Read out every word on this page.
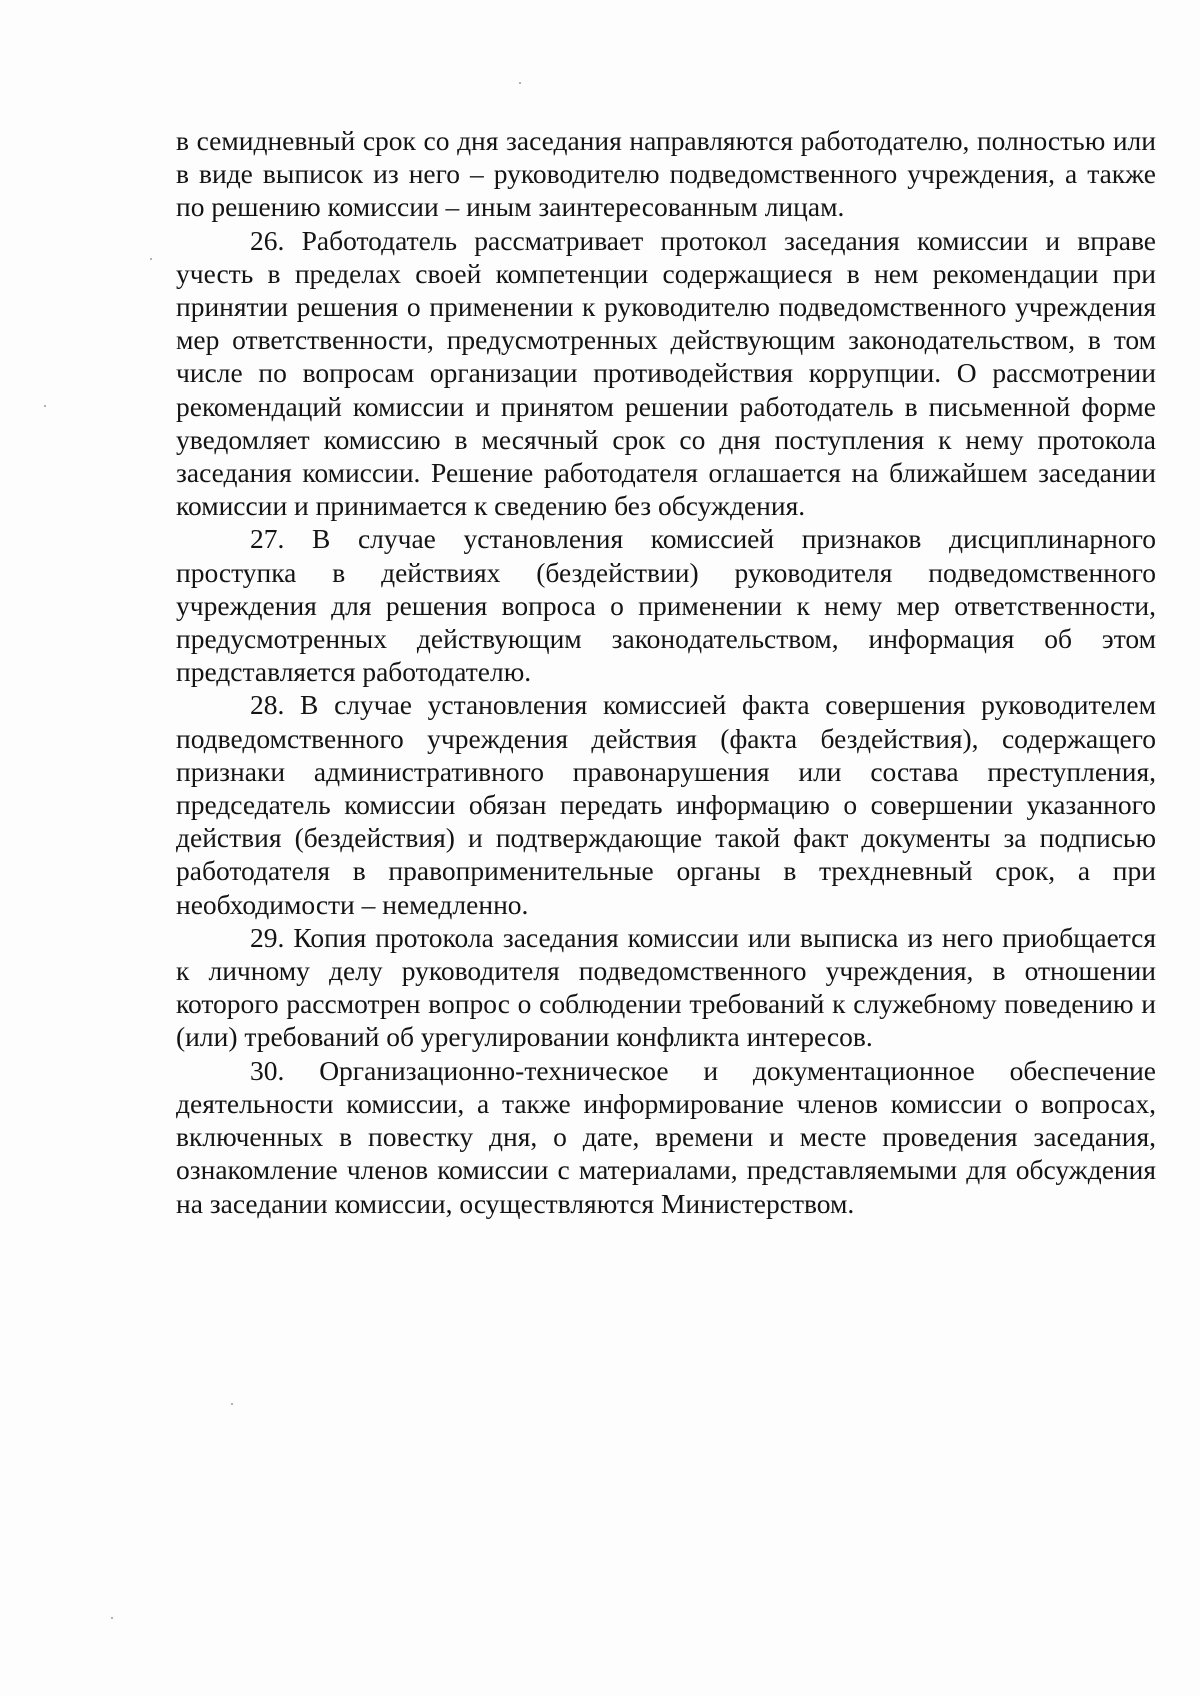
в семидневный срок со дня заседания направляются работодателю, полностью или в виде выписок из него – руководителю подведомственного учреждения, а также по решению комиссии – иным заинтересованным лицам.

26. Работодатель рассматривает протокол заседания комиссии и вправе учесть в пределах своей компетенции содержащиеся в нем рекомендации при принятии решения о применении к руководителю подведомственного учреждения мер ответственности, предусмотренных действующим законодательством, в том числе по вопросам организации противодействия коррупции. О рассмотрении рекомендаций комиссии и принятом решении работодатель в письменной форме уведомляет комиссию в месячный срок со дня поступления к нему протокола заседания комиссии. Решение работодателя оглашается на ближайшем заседании комиссии и принимается к сведению без обсуждения.

27. В случае установления комиссией признаков дисциплинарного проступка в действиях (бездействии) руководителя подведомственного учреждения для решения вопроса о применении к нему мер ответственности, предусмотренных действующим законодательством, информация об этом представляется работодателю.

28. В случае установления комиссией факта совершения руководителем подведомственного учреждения действия (факта бездействия), содержащего признаки административного правонарушения или состава преступления, председатель комиссии обязан передать информацию о совершении указанного действия (бездействия) и подтверждающие такой факт документы за подписью работодателя в правоприменительные органы в трехдневный срок, а при необходимости – немедленно.

29. Копия протокола заседания комиссии или выписка из него приобщается к личному делу руководителя подведомственного учреждения, в отношении которого рассмотрен вопрос о соблюдении требований к служебному поведению и (или) требований об урегулировании конфликта интересов.

30. Организационно-техническое и документационное обеспечение деятельности комиссии, а также информирование членов комиссии о вопросах, включенных в повестку дня, о дате, времени и месте проведения заседания, ознакомление членов комиссии с материалами, представляемыми для обсуждения на заседании комиссии, осуществляются Министерством.
